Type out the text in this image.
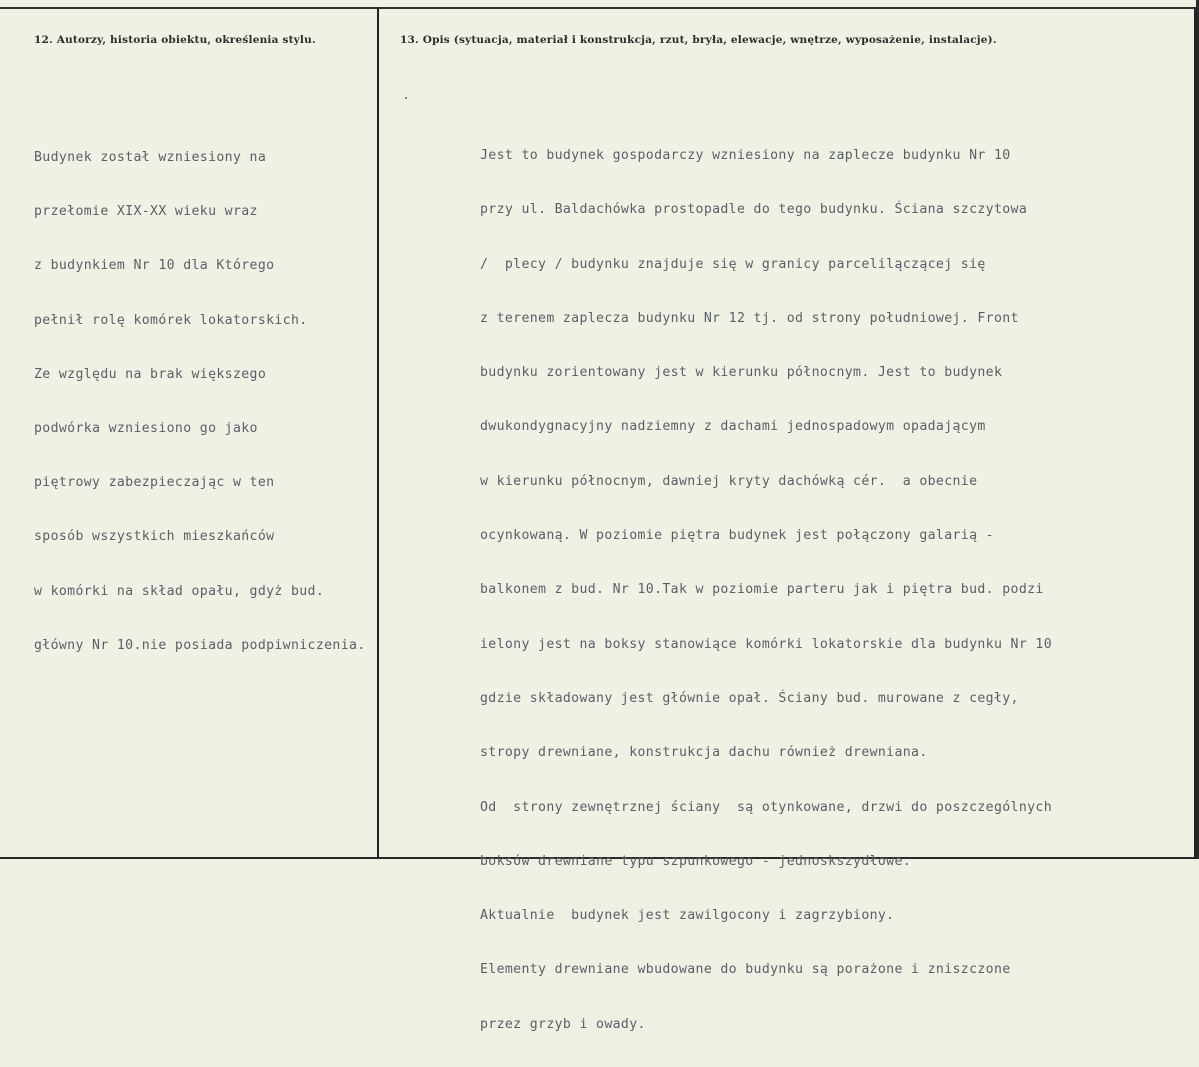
12. Autorzy, historia obiektu, określenia stylu.	13. Opis (sytuacja, materiał i konstrukcja, rzut, bryła, elewacje, wnętrze, wyposażenie, instalacje).

Budynek został wzniesiony na

przełomie XIX-XX wieku wraz

z budynkiem Nr 10 dla Którego

pełnił rolę komórek lokatorskich.

Ze względu na brak większego

podwórka wzniesiono go jako

piętrowy zabezpieczając w ten

sposób wszystkich mieszkańców

w komórki na skład opału, gdyż bud.

główny Nr 10.nie posiada podpiwniczenia.

Jest to budynek gospodarczy wzniesiony na zaplecze budynku Nr 10

przy ul. Baldachówka prostopadle do tego budynku. Ściana szczytowa

/  plecy / budynku znajduje się w granicy parcelilączącej się

z terenem zaplecza budynku Nr 12 tj. od strony południowej. Front

budynku zorientowany jest w kierunku północnym. Jest to budynek

dwukondygnacyjny nadziemny z dachami jednospadowym opadającym

w kierunku północnym, dawniej kryty dachówką cér.  a obecnie

ocynkowaną. W poziomie piętra budynek jest połączony galarią -

balkonem z bud. Nr 10.Tak w poziomie parteru jak i piętra bud. podzi

ielony jest na boksy stanowiące komórki lokatorskie dla budynku Nr 10

gdzie składowany jest głównie opał. Ściany bud. murowane z cegły,

stropy drewniane, konstrukcja dachu również drewniana.

Od  strony zewnętrznej ściany  są otynkowane, drzwi do poszczególnych

boksów drewniane typu szpunkowego - jednoskszydłowe.

Aktualnie  budynek jest zawilgocony i zagrzybiony.

Elementy drewniane wbudowane do budynku są porażone i zniszczone

przez grzyb i owady.
